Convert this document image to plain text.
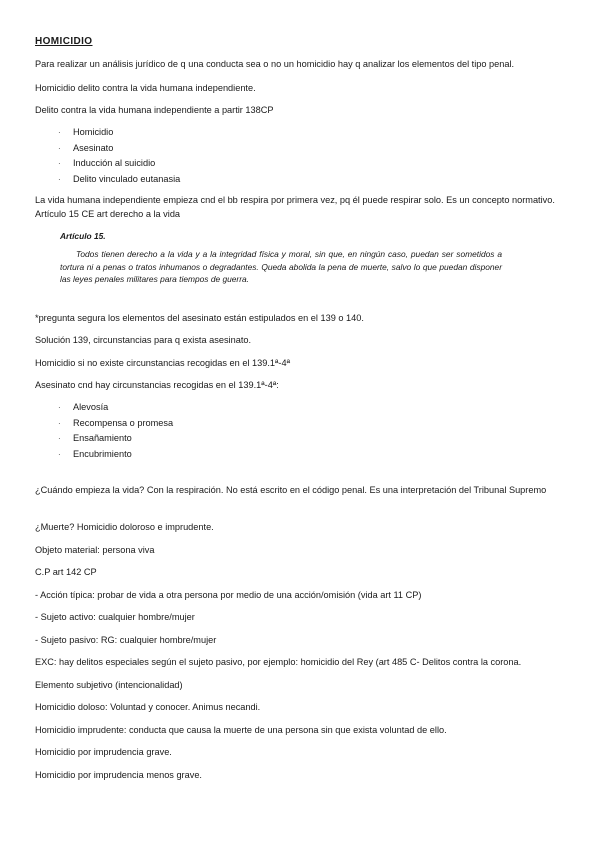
HOMICIDIO
Para realizar un análisis jurídico de q una conducta sea o no un homicidio hay q analizar los elementos del tipo penal.
Homicidio delito contra la vida humana independiente.
Delito contra la vida humana independiente a partir 138CP
· Homicidio
· Asesinato
· Inducción al suicidio
· Delito vinculado eutanasia
La vida humana independiente empieza cnd el bb respira por primera vez, pq él puede respirar solo. Es un concepto normativo. Artículo 15 CE art derecho a la vida
Artículo 15.
Todos tienen derecho a la vida y a la integridad física y moral, sin que, en ningún caso, puedan ser sometidos a tortura ni a penas o tratos inhumanos o degradantes. Queda abolida la pena de muerte, salvo lo que puedan disponer las leyes penales militares para tiempos de guerra.
*pregunta segura los elementos del asesinato están estipulados en el 139 o 140.
Solución 139, circunstancias para q exista asesinato.
Homicidio si no existe circunstancias recogidas en el 139.1ª-4ª
Asesinato cnd hay circunstancias recogidas en el 139.1ª-4ª:
· Alevosía
· Recompensa o promesa
· Ensañamiento
· Encubrimiento
¿Cuándo empieza la vida? Con la respiración. No está escrito en el código penal. Es una interpretación del Tribunal Supremo
¿Muerte? Homicidio doloroso e imprudente.
Objeto material: persona viva
C.P art 142 CP
- Acción típica: probar de vida a otra persona por medio de una acción/omisión (vida art 11 CP)
- Sujeto activo: cualquier hombre/mujer
- Sujeto pasivo: RG: cualquier hombre/mujer
EXC: hay delitos especiales según el sujeto pasivo, por ejemplo: homicidio del Rey (art 485 C- Delitos contra la corona.
Elemento subjetivo (intencionalidad)
Homicidio doloso: Voluntad y conocer. Animus necandi.
Homicidio imprudente: conducta que causa la muerte de una persona sin que exista voluntad de ello.
Homicidio por imprudencia grave.
Homicidio por imprudencia menos grave.
